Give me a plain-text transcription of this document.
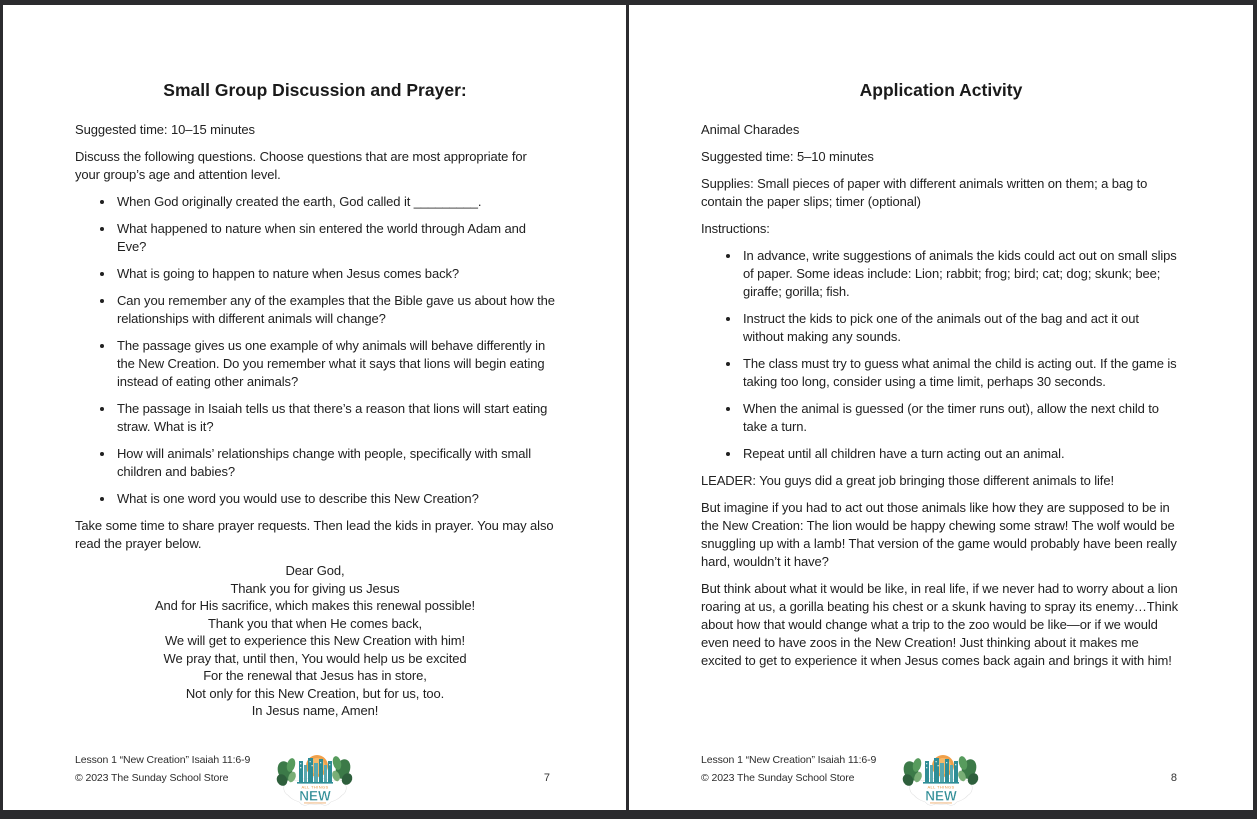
Small Group Discussion and Prayer:

Suggested time: 10–15 minutes

Discuss the following questions. Choose questions that are most appropriate for your group’s age and attention level.

• When God originally created the earth, God called it _________.
• What happened to nature when sin entered the world through Adam and Eve?
• What is going to happen to nature when Jesus comes back?
• Can you remember any of the examples that the Bible gave us about how the relationships with different animals will change?
• The passage gives us one example of why animals will behave differently in the New Creation. Do you remember what it says that lions will begin eating instead of eating other animals?
• The passage in Isaiah tells us that there’s a reason that lions will start eating straw. What is it?
• How will animals’ relationships change with people, specifically with small children and babies?
• What is one word you would use to describe this New Creation?

Take some time to share prayer requests. Then lead the kids in prayer. You may also read the prayer below.

Dear God,
Thank you for giving us Jesus
And for His sacrifice, which makes this renewal possible!
Thank you that when He comes back,
We will get to experience this New Creation with him!
We pray that, until then, You would help us be excited
For the renewal that Jesus has in store,
Not only for this New Creation, but for us, too.
In Jesus name, Amen!
Lesson 1 “New Creation” Isaiah 11:6-9
© 2023 The Sunday School Store
ALL THINGS
NEW
7
Application Activity

Animal Charades

Suggested time: 5–10 minutes

Supplies: Small pieces of paper with different animals written on them; a bag to contain the paper slips; timer (optional)

Instructions:

• In advance, write suggestions of animals the kids could act out on small slips of paper. Some ideas include: Lion; rabbit; frog; bird; cat; dog; skunk; bee; giraffe; gorilla; fish.
• Instruct the kids to pick one of the animals out of the bag and act it out without making any sounds.
• The class must try to guess what animal the child is acting out. If the game is taking too long, consider using a time limit, perhaps 30 seconds.
• When the animal is guessed (or the timer runs out), allow the next child to take a turn.
• Repeat until all children have a turn acting out an animal.

LEADER: You guys did a great job bringing those different animals to life!

But imagine if you had to act out those animals like how they are supposed to be in the New Creation: The lion would be happy chewing some straw! The wolf would be snuggling up with a lamb! That version of the game would probably have been really hard, wouldn’t it have?

But think about what it would be like, in real life, if we never had to worry about a lion roaring at us, a gorilla beating his chest or a skunk having to spray its enemy…Think about how that would change what a trip to the zoo would be like—or if we would even need to have zoos in the New Creation! Just thinking about it makes me excited to get to experience it when Jesus comes back again and brings it with him!

Lesson 1 “New Creation” Isaiah 11:6-9
© 2023 The Sunday School Store
ALL THINGS
NEW
8
